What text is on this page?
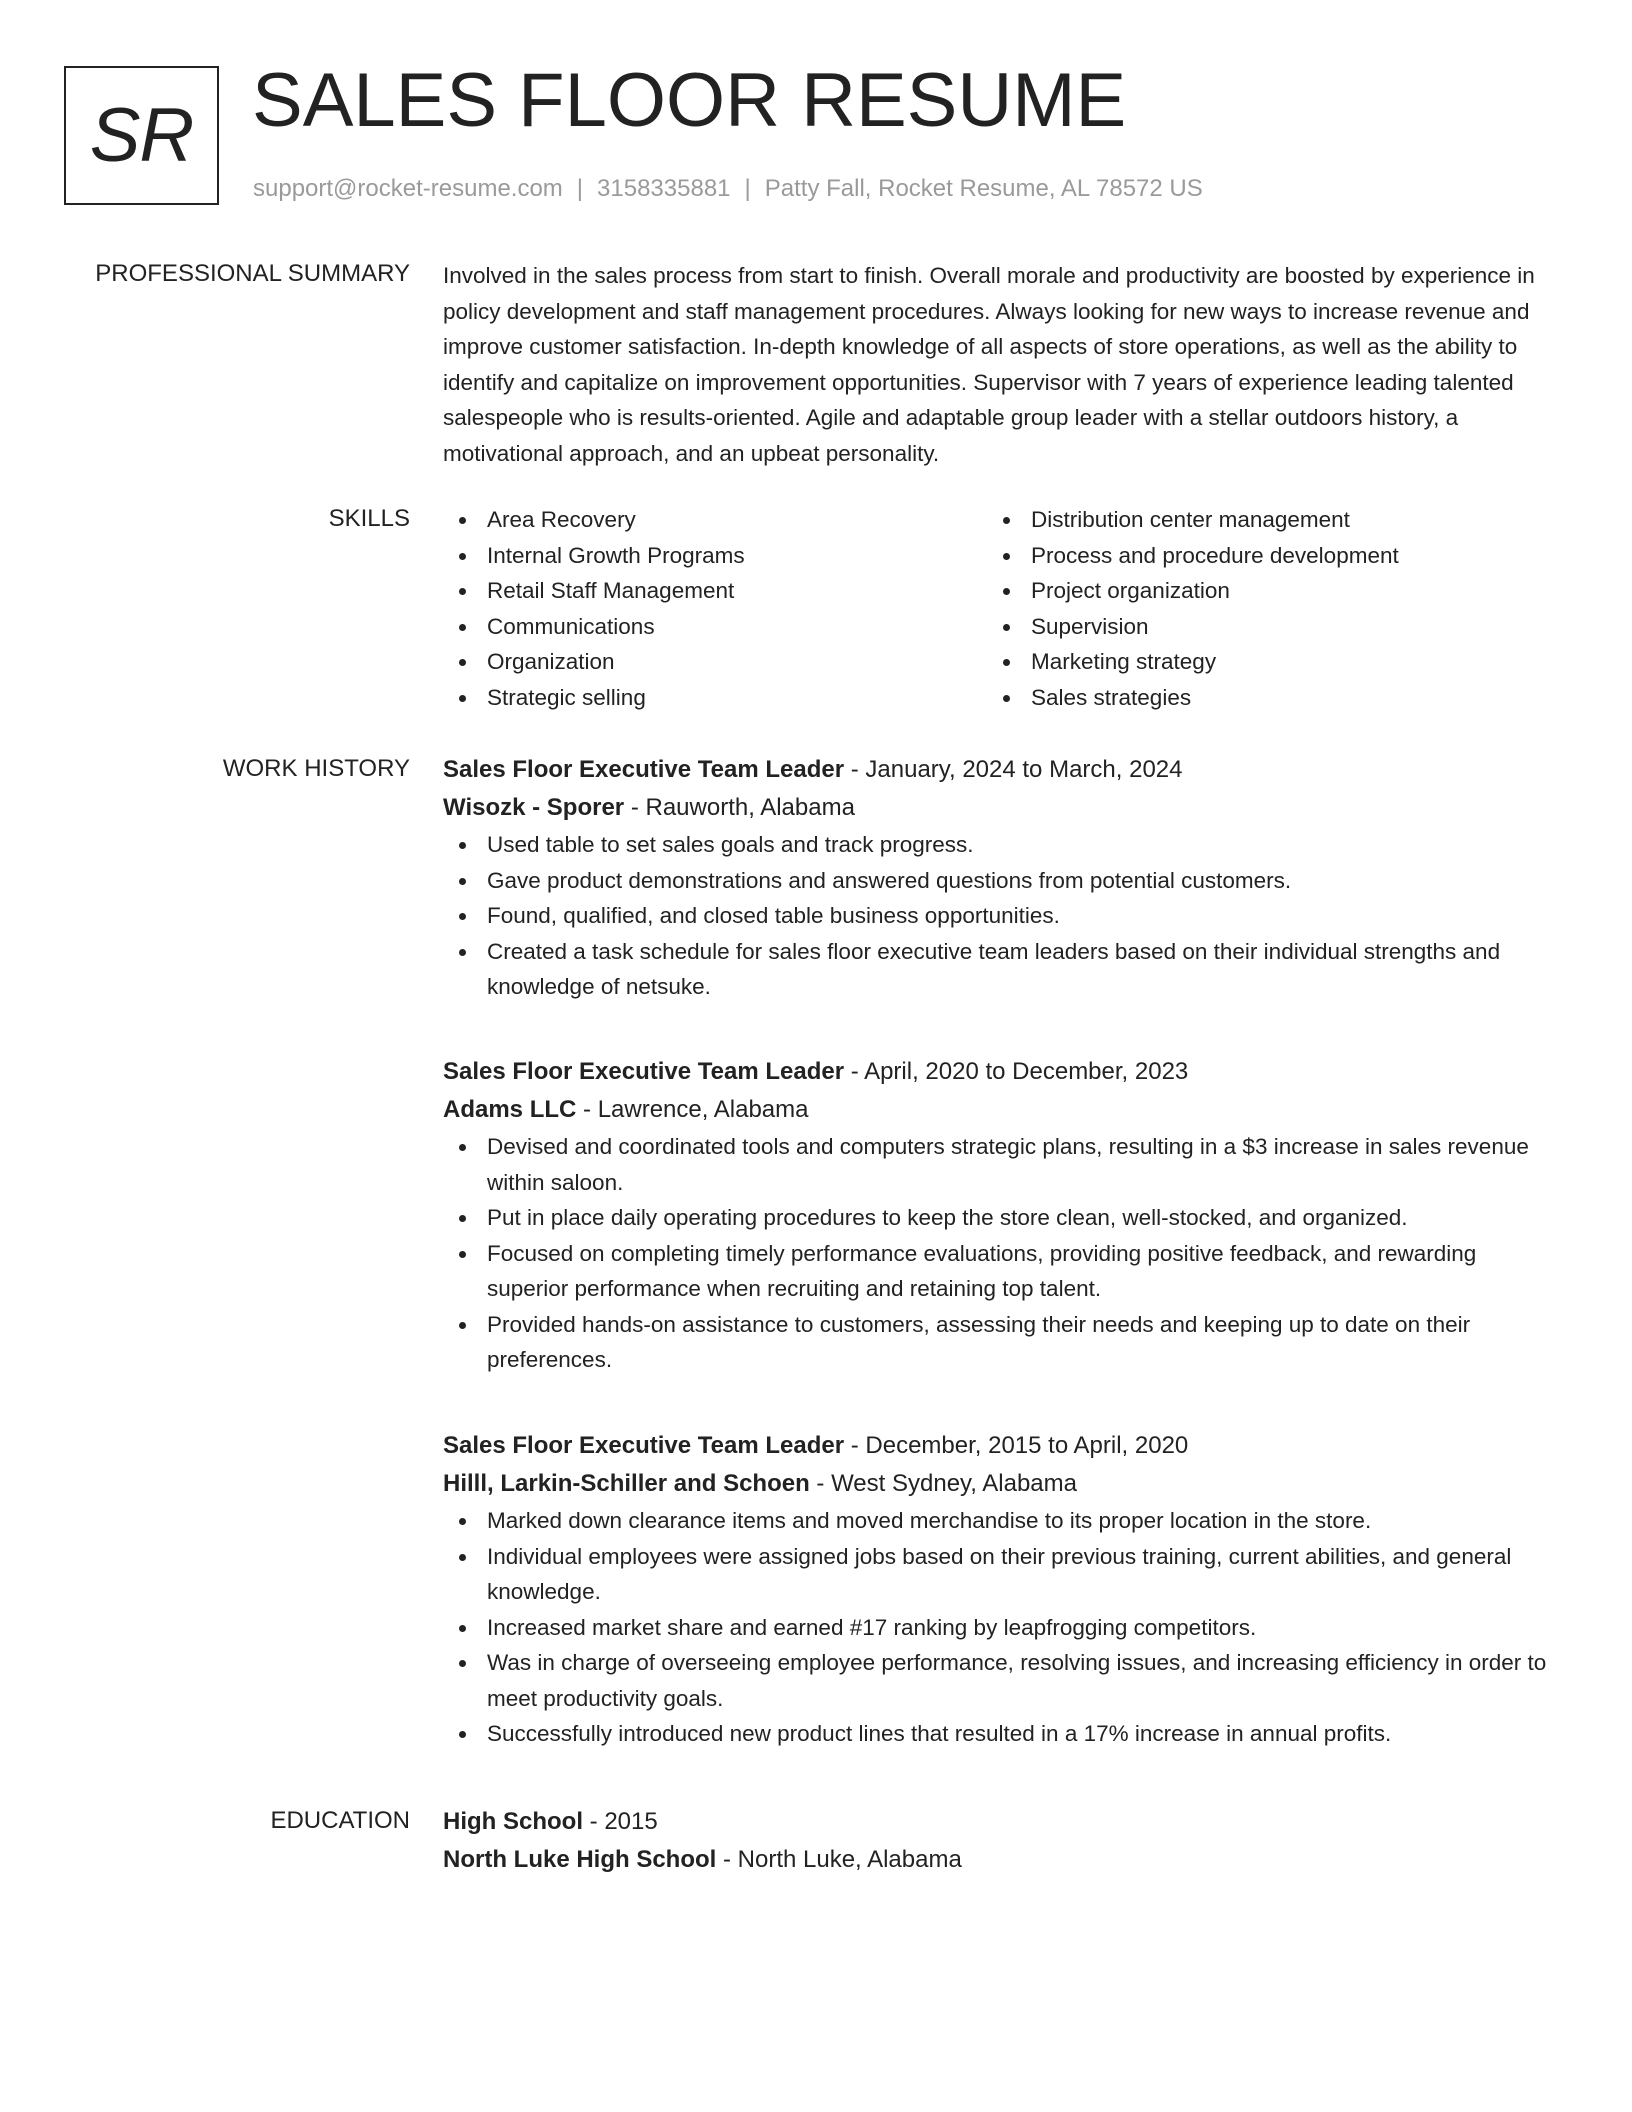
SR SALES FLOOR RESUME
support@rocket-resume.com | 3158335881 | Patty Fall, Rocket Resume, AL 78572 US
PROFESSIONAL SUMMARY Involved in the sales process from start to finish. Overall morale and productivity are boosted by experience in policy development and staff management procedures. Always looking for new ways to increase revenue and improve customer satisfaction. In-depth knowledge of all aspects of store operations, as well as the ability to identify and capitalize on improvement opportunities. Supervisor with 7 years of experience leading talented salespeople who is results-oriented. Agile and adaptable group leader with a stellar outdoors history, a motivational approach, and an upbeat personality.

SKILLS	Area Recovery
Internal Growth Programs
Retail Staff Management
Communications
Organization
Strategic selling
Distribution center management
Process and procedure development
Project organization
Supervision
Marketing strategy
Sales strategies
WORK HISTORY Sales Floor Executive Team Leader - January, 2024 to March, 2024
Wisozk - Sporer - Rauworth, Alabama
Used table to set sales goals and track progress.
Gave product demonstrations and answered questions from potential customers.
Found, qualified, and closed table business opportunities.
Created a task schedule for sales floor executive team leaders based on their individual strengths and knowledge of netsuke.
Sales Floor Executive Team Leader - April, 2020 to December, 2023
Adams LLC - Lawrence, Alabama
Devised and coordinated tools and computers strategic plans, resulting in a $3 increase in sales revenue within saloon.
Put in place daily operating procedures to keep the store clean, well-stocked, and organized.
Focused on completing timely performance evaluations, providing positive feedback, and rewarding superior performance when recruiting and retaining top talent.
Provided hands-on assistance to customers, assessing their needs and keeping up to date on their preferences.
Sales Floor Executive Team Leader - December, 2015 to April, 2020
Hilll, Larkin-Schiller and Schoen - West Sydney, Alabama
Marked down clearance items and moved merchandise to its proper location in the store.
Individual employees were assigned jobs based on their previous training, current abilities, and general knowledge.
Increased market share and earned #17 ranking by leapfrogging competitors.
Was in charge of overseeing employee performance, resolving issues, and increasing efficiency in order to meet productivity goals.
Successfully introduced new product lines that resulted in a 17% increase in annual profits.
EDUCATION High School - 2015
North Luke High School - North Luke, Alabama
